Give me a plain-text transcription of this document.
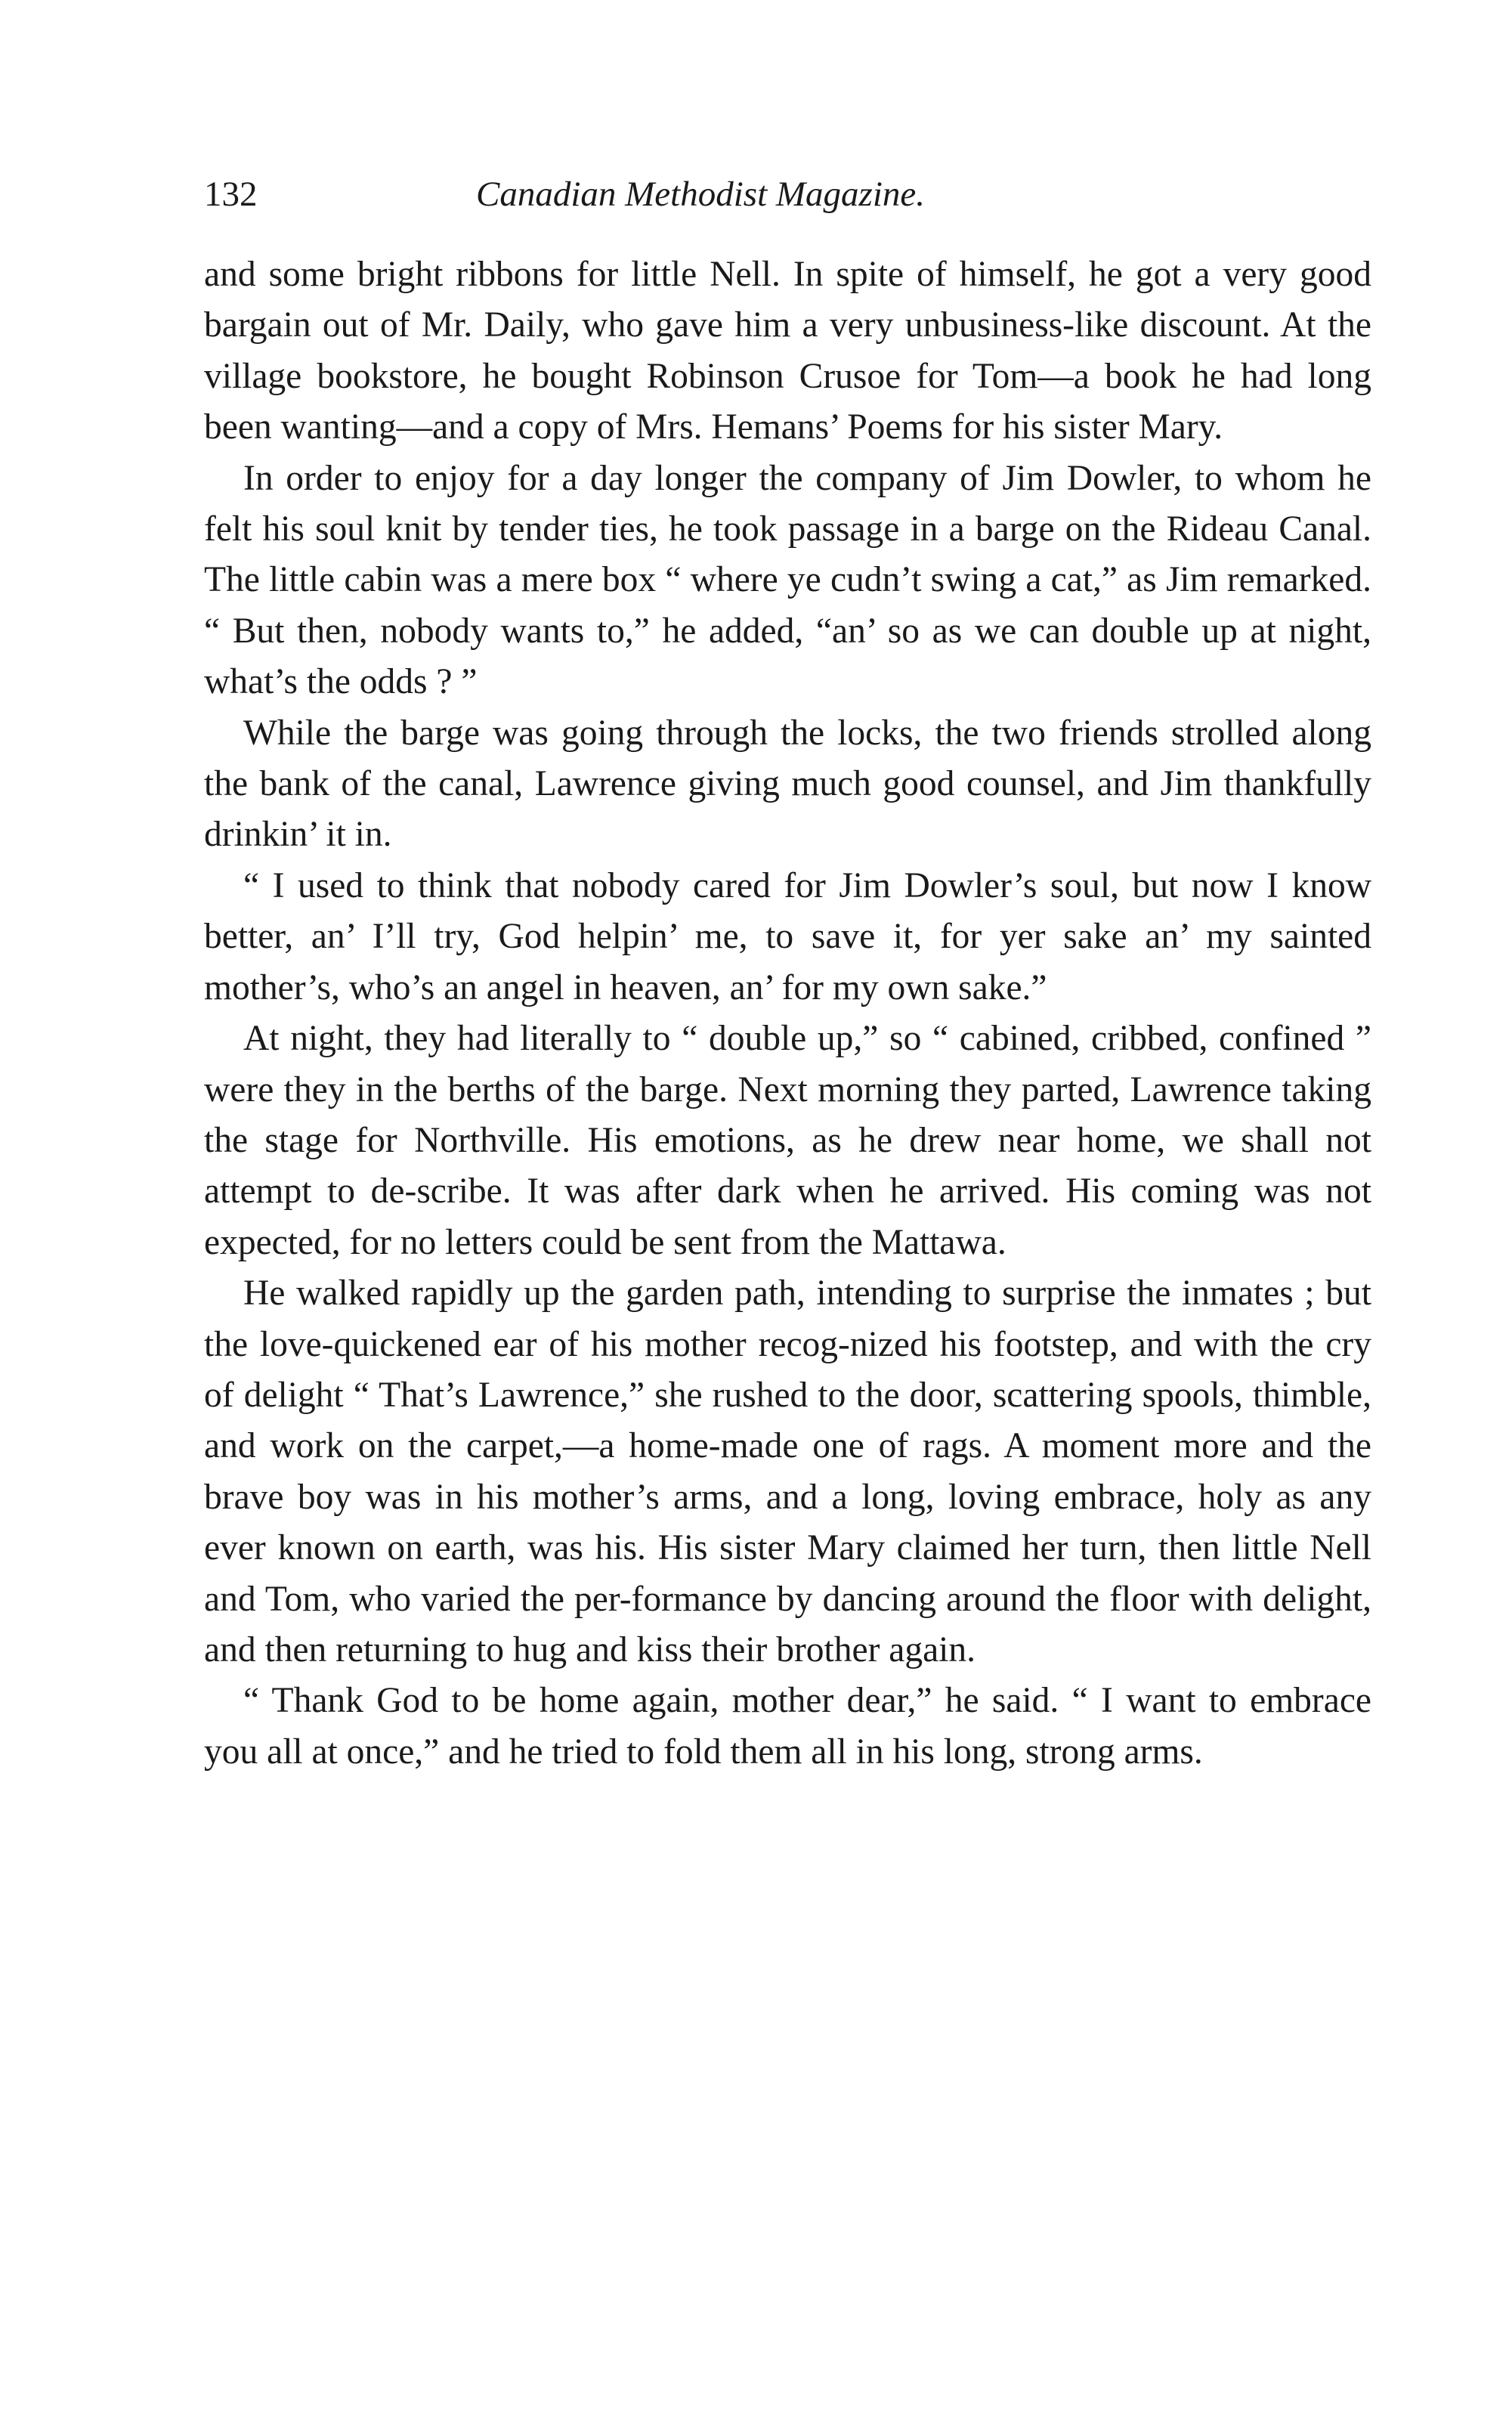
132	Canadian Methodist Magazine.

and some bright ribbons for little Nell. In spite of himself, he got a very good bargain out of Mr. Daily, who gave him a very unbusiness-like discount. At the village bookstore, he bought Robinson Crusoe for Tom—a book he had long been wanting—and a copy of Mrs. Hemans’ Poems for his sister Mary.

In order to enjoy for a day longer the company of Jim Dowler, to whom he felt his soul knit by tender ties, he took passage in a barge on the Rideau Canal. The little cabin was a mere box “ where ye cudn’t swing a cat,” as Jim remarked. “ But then, nobody wants to,” he added, “an’ so as we can double up at night, what’s the odds ? ”

While the barge was going through the locks, the two friends strolled along the bank of the canal, Lawrence giving much good counsel, and Jim thankfully drinkin’ it in.

“ I used to think that nobody cared for Jim Dowler’s soul, but now I know better, an’ I’ll try, God helpin’ me, to save it, for yer sake an’ my sainted mother’s, who’s an angel in heaven, an’ for my own sake.”

At night, they had literally to “ double up,” so “ cabined, cribbed, confined ” were they in the berths of the barge. Next morning they parted, Lawrence taking the stage for Northville. His emotions, as he drew near home, we shall not attempt to de-scribe. It was after dark when he arrived. His coming was not expected, for no letters could be sent from the Mattawa.

He walked rapidly up the garden path, intending to surprise the inmates ; but the love-quickened ear of his mother recog-nized his footstep, and with the cry of delight “ That’s Lawrence,” she rushed to the door, scattering spools, thimble, and work on the carpet,—a home-made one of rags. A moment more and the brave boy was in his mother’s arms, and a long, loving embrace, holy as any ever known on earth, was his. His sister Mary claimed her turn, then little Nell and Tom, who varied the per-formance by dancing around the floor with delight, and then returning to hug and kiss their brother again.

“ Thank God to be home again, mother dear,” he said. “ I want to embrace you all at once,” and he tried to fold them all in his long, strong arms.
